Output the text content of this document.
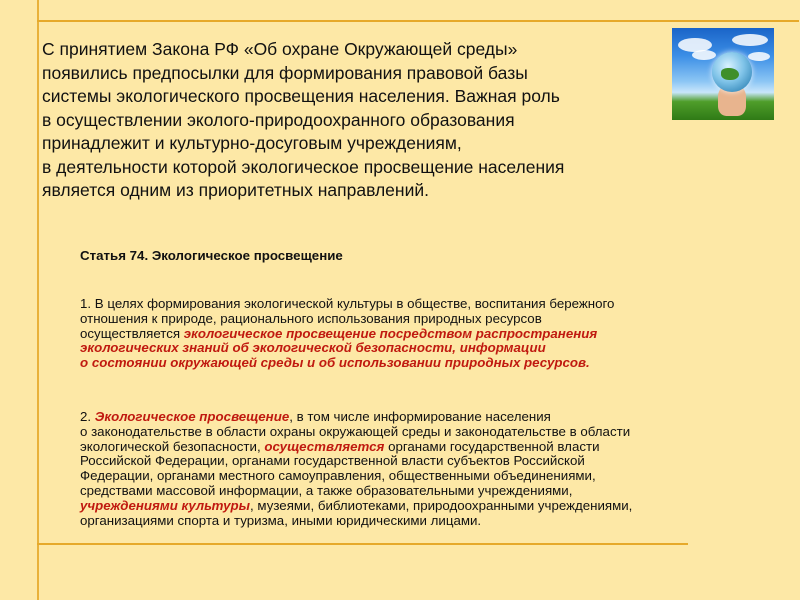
С принятием Закона РФ «Об охране Окружающей среды»
появились предпосылки для формирования правовой базы
системы экологического просвещения населения. Важная роль
в осуществлении эколого-природоохранного образования
принадлежит и культурно-досуговым учреждениям,
в деятельности которой экологическое просвещение населения
является одним из приоритетных направлений.
Статья 74. Экологическое просвещение
1. В целях формирования экологической культуры в обществе, воспитания бережного
отношения к природе, рационального использования природных ресурсов
осуществляется экологическое просвещение посредством распространения
экологических знаний об экологической безопасности, информации
о состоянии окружающей среды и об использовании природных ресурсов.
2. Экологическое просвещение, в том числе информирование населения
о законодательстве в области охраны окружающей среды и законодательстве в области
экологической безопасности, осуществляется органами государственной власти
Российской Федерации, органами государственной власти субъектов Российской
Федерации, органами местного самоуправления, общественными объединениями,
средствами массовой информации, а также образовательными учреждениями,
учреждениями культуры, музеями, библиотеками, природоохранными учреждениями,
организациями спорта и туризма, иными юридическими лицами.
